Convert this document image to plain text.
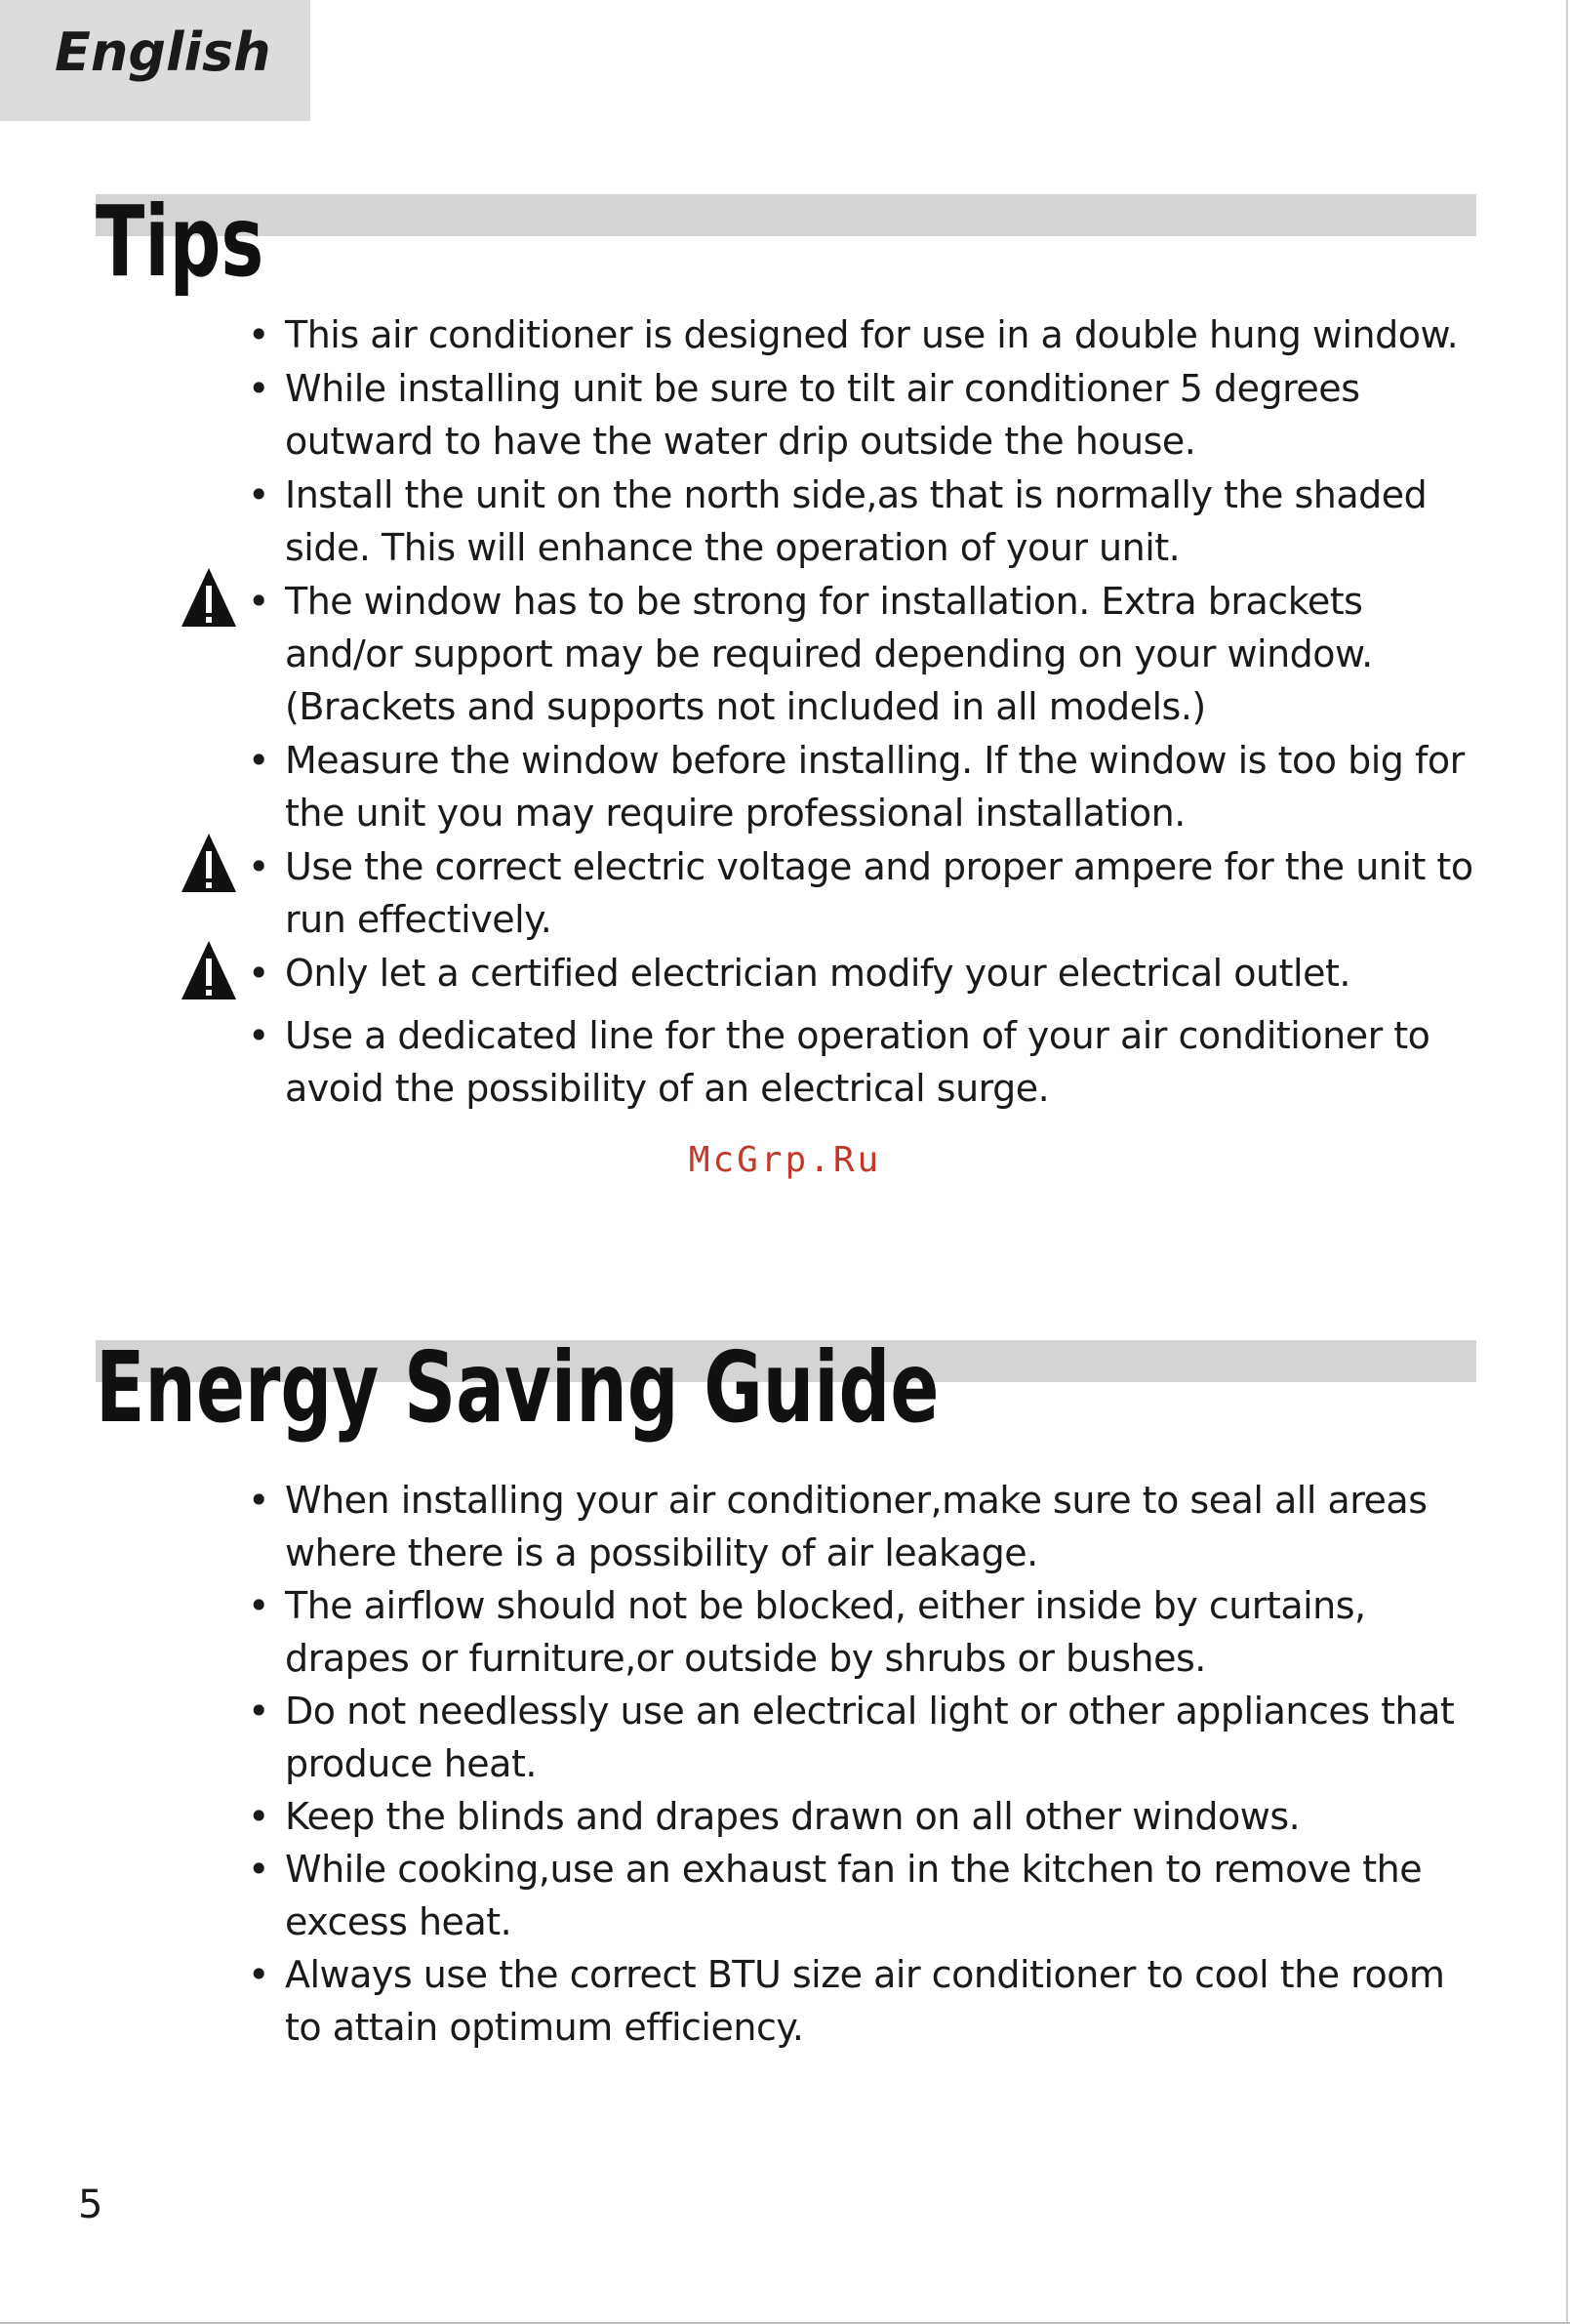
English
Tips
• This air conditioner is designed for use in a double hung window.
• While installing unit be sure to tilt air conditioner 5 degrees outward to have the water drip outside the house.
• Install the unit on the north side,as that is normally the shaded side. This will enhance the operation of your unit.
• The window has to be strong for installation. Extra brackets and/or support may be required depending on your window. (Brackets and supports not included in all models.)
• Measure the window before installing. If the window is too big for the unit you may require professional installation.
• Use the correct electric voltage and proper ampere for the unit to run effectively.
• Only let a certified electrician modify your electrical outlet.
• Use a dedicated line for the operation of your air conditioner to avoid the possibility of an electrical surge.
McGrp.Ru
Energy Saving Guide
• When installing your air conditioner,make sure to seal all areas where there is a possibility of air leakage.
• The airflow should not be blocked, either inside by curtains, drapes or furniture,or outside by shrubs or bushes.
• Do not needlessly use an electrical light or other appliances that produce heat.
• Keep the blinds and drapes drawn on all other windows.
• While cooking,use an exhaust fan in the kitchen to remove the excess heat.
• Always use the correct BTU size air conditioner to cool the room to attain optimum efficiency.
5
